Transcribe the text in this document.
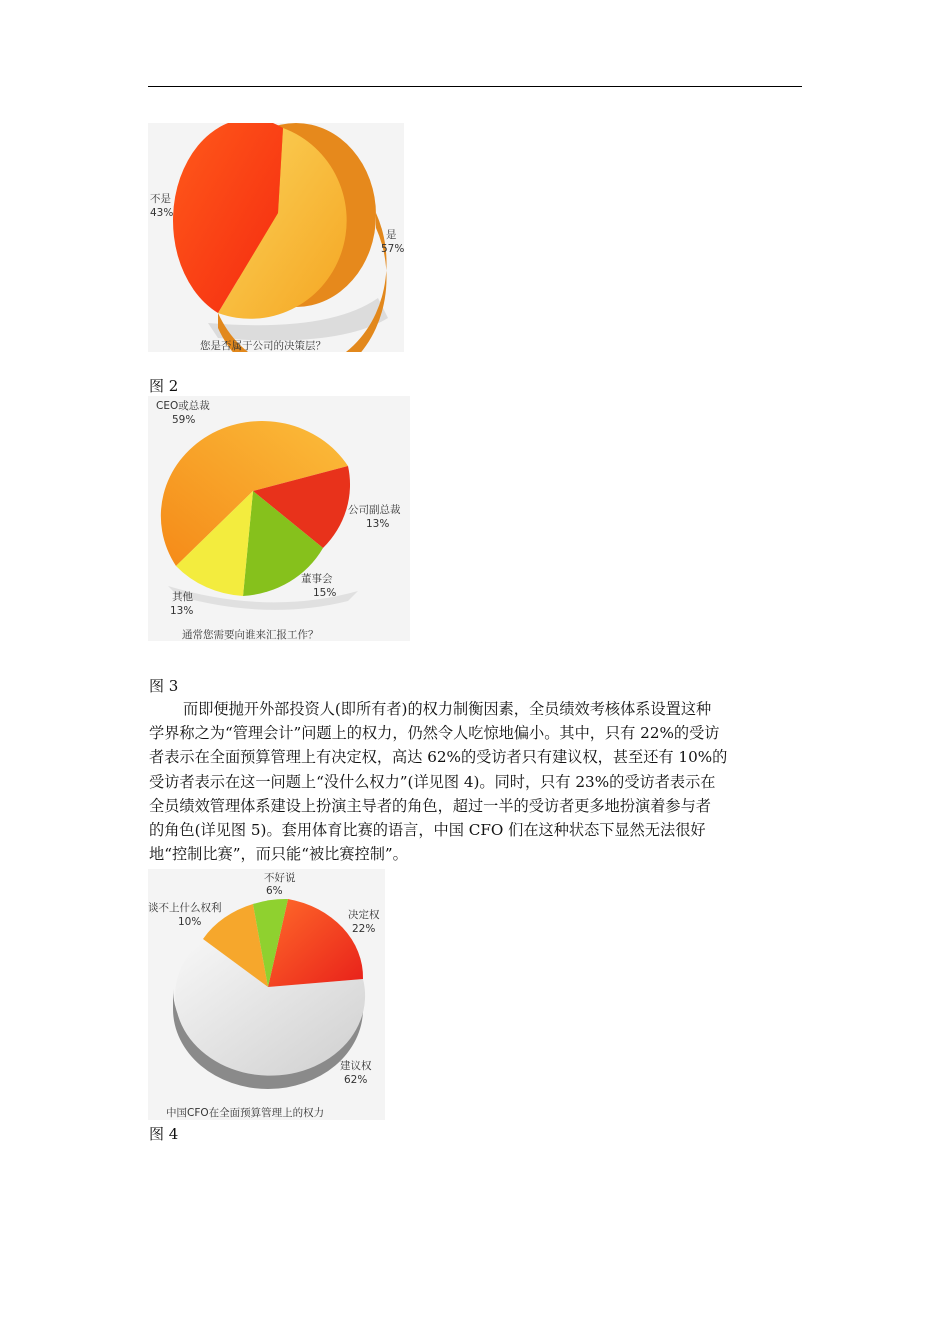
不是
43%
是
57%
您是否属于公司的决策层？
图 2
CEO或总裁
59%
公司副总裁
13%
董事会
15%
其他
13%
通常您需要向谁来汇报工作？
图 3
而即便抛开外部投资人(即所有者)的权力制衡因素，全员绩效考核体系设置这种
学界称之为“管理会计”问题上的权力，仍然令人吃惊地偏小。其中，只有 22%的受访
者表示在全面预算管理上有决定权，高达 62%的受访者只有建议权，甚至还有 10%的
受访者表示在这一问题上“没什么权力”(详见图 4)。同时，只有 23%的受访者表示在
全员绩效管理体系建设上扮演主导者的角色，超过一半的受访者更多地扮演着参与者
的角色(详见图 5)。套用体育比赛的语言，中国 CFO 们在这种状态下显然无法很好
地“控制比赛”，而只能“被比赛控制”。
不好说
6%
谈不上什么权利
10%
决定权
22%
建议权
62%
中国CFO在全面预算管理上的权力
图 4
